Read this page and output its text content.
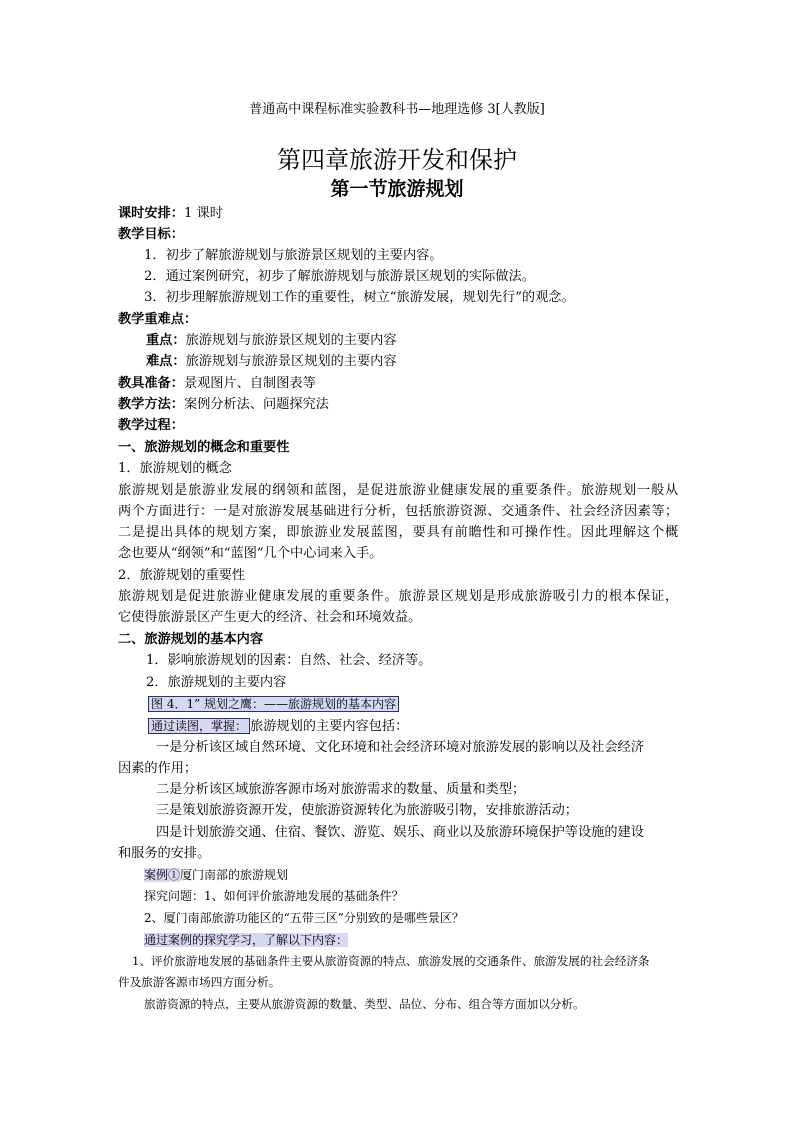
普通高中课程标准实验教科书—地理选修 3[人教版]
第四章旅游开发和保护
第一节旅游规划
课时安排：1 课时
教学目标：
1．初步了解旅游规划与旅游景区规划的主要内容。
2．通过案例研究，初步了解旅游规划与旅游景区规划的实际做法。
3．初步理解旅游规划工作的重要性，树立“旅游发展，规划先行”的观念。
教学重难点：
重点：旅游规划与旅游景区规划的主要内容
难点：旅游规划与旅游景区规划的主要内容
教具准备：景观图片、自制图表等
教学方法：案例分析法、问题探究法
教学过程：
一、旅游规划的概念和重要性
1．旅游规划的概念
旅游规划是旅游业发展的纲领和蓝图，是促进旅游业健康发展的重要条件。旅游规划一般从
两个方面进行：一是对旅游发展基础进行分析，包括旅游资源、交通条件、社会经济因素等；
二是提出具体的规划方案，即旅游业发展蓝图，要具有前瞻性和可操作性。因此理解这个概
念也要从“纲领”和“蓝图”几个中心词来入手。
2．旅游规划的重要性
旅游规划是促进旅游业健康发展的重要条件。旅游景区规划是形成旅游吸引力的根本保证，
它使得旅游景区产生更大的经济、社会和环境效益。
二、旅游规划的基本内容
1．影响旅游规划的因素：自然、社会、经济等。
2．旅游规划的主要内容
图 4．1” 规划之鹰：——旅游规划的基本内容
通过读图，掌握： 旅游规划的主要内容包括：
一是分析该区域自然环境、文化环境和社会经济环境对旅游发展的影响以及社会经济
因素的作用；
二是分析该区域旅游客源市场对旅游需求的数量、质量和类型；
三是策划旅游资源开发，使旅游资源转化为旅游吸引物，安排旅游活动；
四是计划旅游交通、住宿、餐饮、游览、娱乐、商业以及旅游环境保护等设施的建设
和服务的安排。
案例①厦门南部的旅游规划
探究问题：1、如何评价旅游地发展的基础条件？
2、厦门南部旅游功能区的“五带三区”分别致的是哪些景区？
通过案例的探究学习，了解以下内容：
1、评价旅游地发展的基础条件主要从旅游资源的特点、旅游发展的交通条件、旅游发展的社会经济条
件及旅游客源市场四方面分析。
旅游资源的特点，主要从旅游资源的数量、类型、品位、分布、组合等方面加以分析。
